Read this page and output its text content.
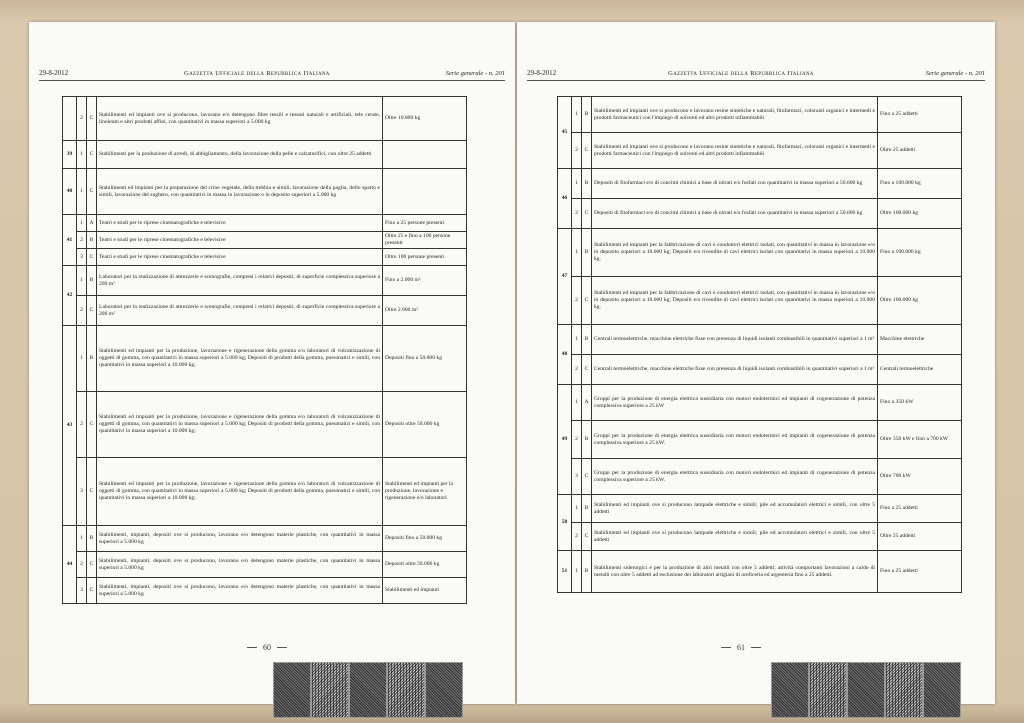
29-8-2012	Gazzetta Ufficiale della Repubblica Italiana	Serie generale - n. 201
	2	C	Stabilimenti ed impianti ove si producono, lavorano e/o detengono fibre tessili e tessuti naturali e artificiali, tele cerate, linoleum e altri prodotti affini, con quantitativi in massa superiori a 5.000 kg	Oltre 10.000 kg
39	1	C	Stabilimenti per la produzione di arredi, di abbigliamento, della lavorazione della pelle e calzaturifici, con oltre 25 addetti	
40	1	C	Stabilimenti ed impianti per la preparazione del crine vegetale, della trebbia e simili, lavorazione della paglia, dello sparto e simili, lavorazione del sughero, con quantitativi in massa in lavorazione o in deposito superiori a 5.000 kg	
41	1	A	Teatri e studi per le riprese cinematografiche e televisive	Fino a 25 persone presenti
	2	B	Teatri e studi per le riprese cinematografiche e televisive	Oltre 25 e fino a 100 persone presenti
	3	C	Teatri e studi per le riprese cinematografiche e televisive	Oltre 100 persone presenti
42	1	B	Laboratori per la realizzazione di attrezzerie e scenografie, compresi i relativi depositi, di superficie complessiva superiore a 200 m²	Fino a 2.000 m²
	2	C	Laboratori per la realizzazione di attrezzerie e scenografie, compresi i relativi depositi, di superficie complessiva superiore a 200 m²	Oltre 2.000 m²
43	1	B	Stabilimenti ed impianti per la produzione, lavorazione e rigenerazione della gomma e/o laboratori di vulcanizzazione di oggetti di gomma, con quantitativi in massa superiori a 5.000 kg; Depositi di prodotti della gomma, pneumatici e simili, con quantitativi in massa superiori a 10.000 kg;	Depositi fino a 50.000 kg
	2	C	Stabilimenti ed impianti per la produzione, lavorazione e rigenerazione della gomma e/o laboratori di vulcanizzazione di oggetti di gomma, con quantitativi in massa superiori a 5.000 kg; Depositi di prodotti della gomma, pneumatici e simili, con quantitativi in massa superiori a 10.000 kg;	Depositi oltre 50.000 kg
	3	C	Stabilimenti ed impianti per la produzione, lavorazione e rigenerazione della gomma e/o laboratori di vulcanizzazione di oggetti di gomma, con quantitativi in massa superiori a 5.000 kg; Depositi di prodotti della gomma, pneumatici e simili, con quantitativi in massa superiori a 10.000 kg;	Stabilimenti ed impianti per la produzione, lavorazione e rigenerazione e/o laboratori
44	1	B	Stabilimenti, impianti, depositi ove si producono, lavorano e/o detengono materie plastiche, con quantitativi in massa superiori a 5.000 kg	Depositi fino a 50.000 kg
	2	C	Stabilimenti, impianti, depositi ove si producono, lavorano e/o detengono materie plastiche, con quantitativi in massa superiori a 5.000 kg	Depositi oltre 50.000 kg
	3	C	Stabilimenti, impianti, depositi ove si producono, lavorano e/o detengono materie plastiche, con quantitativi in massa superiori a 5.000 kg	Stabilimenti ed impianti
60
29-8-2012	Gazzetta Ufficiale della Repubblica Italiana	Serie generale - n. 201
45	1	B	Stabilimenti ed impianti ove si producono e lavorano resine sintetiche e naturali, fitofarmaci, coloranti organici e intermedi e prodotti farmaceutici con l'impiego di solventi ed altri prodotti infiammabili	Fino a 25 addetti
	2	C	Stabilimenti ed impianti ove si producono e lavorano resine sintetiche e naturali, fitofarmaci, coloranti organici e intermedi e prodotti farmaceutici con l'impiego di solventi ed altri prodotti infiammabili	Oltre 25 addetti
46	1	B	Depositi di fitofarmaci e/o di concimi chimici a base di nitrati e/o fosfati con quantitativi in massa superiori a 50.000 kg	Fino a 100.000 kg
	2	C	Depositi di fitofarmaci e/o di concimi chimici a base di nitrati e/o fosfati con quantitativi in massa superiori a 50.000 kg	Oltre 100.000 kg
47	1	B	Stabilimenti ed impianti per la fabbricazione di cavi e conduttori elettrici isolati, con quantitativi in massa in lavorazione e/o in deposito superiori a 10.000 kg; Depositi e/o rivendite di cavi elettrici isolati con quantitativi in massa superiori a 10.000 kg.	Fino a 100.000 kg
	2	C	Stabilimenti ed impianti per la fabbricazione di cavi e conduttori elettrici isolati, con quantitativi in massa in lavorazione e/o in deposito superiori a 10.000 kg; Depositi e/o rivendite di cavi elettrici isolati con quantitativi in massa superiori a 10.000 kg.	Oltre 100.000 kg
48	1	B	Centrali termoelettriche, macchine elettriche fisse con presenza di liquidi isolanti combustibili in quantitativi superiori a 1 m³	Macchine elettriche
	2	C	Centrali termoelettriche, macchine elettriche fisse con presenza di liquidi isolanti combustibili in quantitativi superiori a 1 m³	Centrali termoelettriche
49	1	A	Gruppi per la produzione di energia elettrica sussidiaria con motori endotermici ed impianti di cogenerazione di potenza complessiva superiore a 25 kW	Fino a 350 kW
	2	B	Gruppi per la produzione di energia elettrica sussidiaria con motori endotermici ed impianti di cogenerazione di potenza complessiva superiore a 25 kW.	Oltre 350 kW e fino a 700 kW
	3	C	Gruppi per la produzione di energia elettrica sussidiaria con motori endotermici ed impianti di cogenerazione di potenza complessiva superiore a 25 kW.	Oltre 700 kW
50	1	B	Stabilimenti ed impianti ove si producono lampade elettriche e simili; pile ed accumulatori elettrici e simili, con oltre 5 addetti	Fino a 25 addetti
	2	C	Stabilimenti ed impianti ove si producono lampade elettriche e simili; pile ed accumulatori elettrici e simili, con oltre 5 addetti	Oltre 25 addetti
51	1	B	Stabilimenti siderurgici e per la produzione di altri metalli con oltre 5 addetti; attività comportanti lavorazioni a caldo di metalli con oltre 5 addetti ad esclusione dei laboratori artigiani di oreficeria ed argenteria fino a 25 addetti.	Fino a 25 addetti
61
